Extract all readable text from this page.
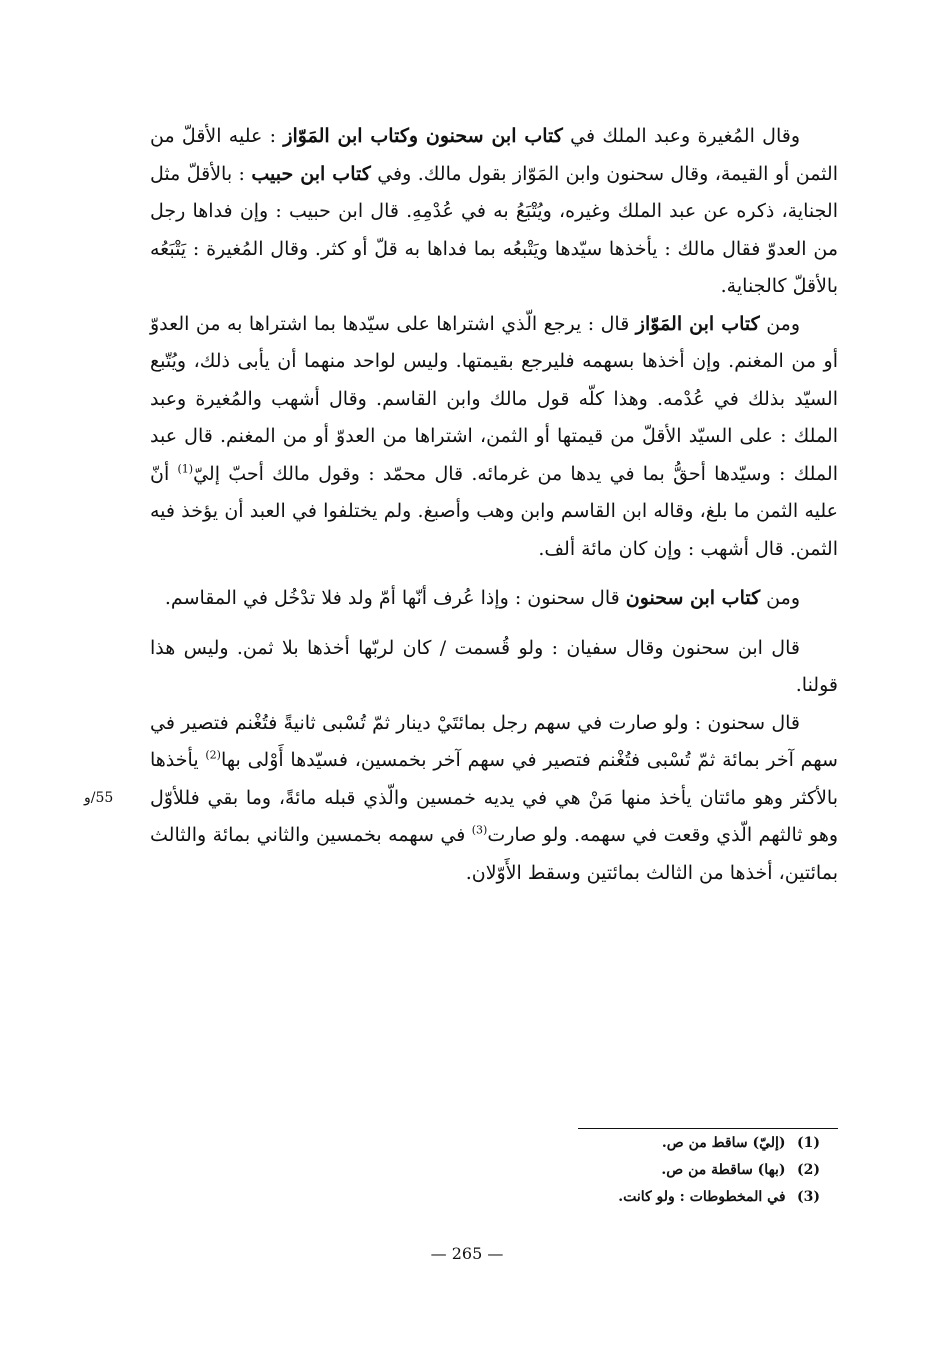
وقال المُغيرة وعبد الملك في كتاب ابن سحنون وكتاب ابن المَوّاز : عليه الأقلّ من الثمن أو القيمة، وقال سحنون وابن المَوّاز بقول مالك. وفي كتاب ابن حبيب : بالأقلّ مثل الجناية، ذكره عن عبد الملك وغيره، ويُتْبَعُ به في عُدْمِهِ. قال ابن حبيب : وإن فداها رجل من العدوّ فقال مالك : يأخذها سيّدها ويَتْبعُه بما فداها به قلّ أو كثر. وقال المُغيرة : يَتْبَعُه بالأقلّ كالجناية.

ومن كتاب ابن المَوّاز قال : يرجع الّذي اشتراها على سيّدها بما اشتراها به من العدوّ أو من المغنم. وإن أخذها بسهمه فليرجع بقيمتها. وليس لواحد منهما أن يأبى ذلك، ويُتّبع السيّد بذلك في عُدْمه. وهذا كلّه قول مالك وابن القاسم. وقال أشهب والمُغيرة وعبد الملك : على السيّد الأقلّ من قيمتها أو الثمن، اشتراها من العدوّ أو من المغنم. قال عبد الملك : وسيّدها أحقُّ بما في يدها من غرمائه. قال محمّد : وقول مالك أحبّ إليّ$^{(1)}$ أنّ عليه الثمن ما بلغ، وقاله ابن القاسم وابن وهب وأصبغ. ولم يختلفوا في العبد أن يؤخذ فيه الثمن. قال أشهب : وإن كان مائة ألف.

ومن كتاب ابن سحنون قال سحنون : وإذا عُرف أنّها أمّ ولد فلا تدْخُل في المقاسم.

قال ابن سحنون وقال سفيان : ولو قُسمت / كان لربّها أخذها بلا ثمن. وليس هذا قولنا.

قال سحنون : ولو صارت في سهم رجل بمائتَيْ دينار ثمّ تُسْبى ثانيةً فتُغْنم فتصير في سهم آخر بمائة ثمّ تُسْبى فتُغْنم فتصير في سهم آخر بخمسين، فسيّدها أَوْلى بها$^{(2)}$ يأخذها بالأكثر وهو مائتان يأخذ منها مَنْ هي في يديه خمسين والّذي قبله مائةً، وما بقي فللأوّل وهو ثالثهم الّذي وقعت في سهمه. ولو صارت$^{(3)}$ في سهمه بخمسين والثاني بمائة والثالث بمائتين، أخذها من الثالث بمائتين وسقط الأَوّلان.

55/و
(1) (إليّ) ساقط من ص.
(2) (بها) ساقطة من ص.
(3) في المخطوطات : ولو كانت.
— 265 —
